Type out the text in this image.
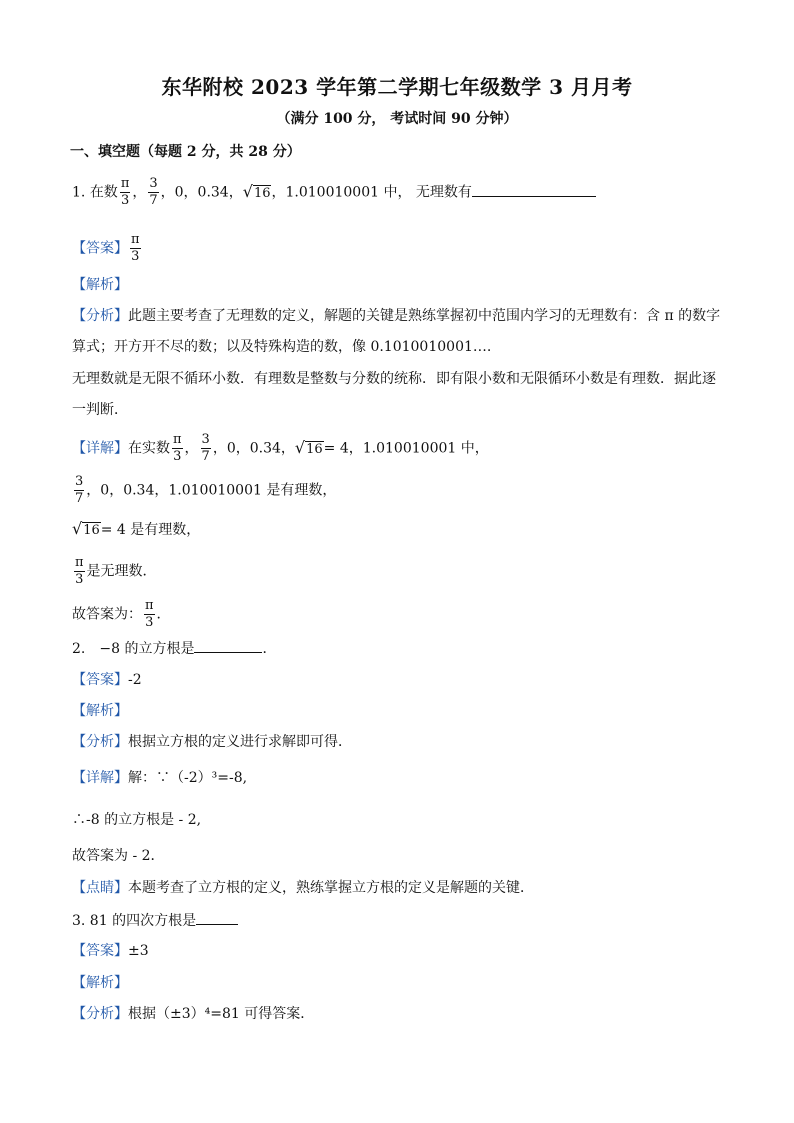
东华附校 2023 学年第二学期七年级数学 3 月月考
（满分 100 分， 考试时间 90 分钟）
一、填空题（每题 2 分，共 28 分）
1. 在数 $\frac{\pi}{3}$ ， $\frac{3}{7}$ ，0，0.34，√16，1.010010001 中， 无理数有
【答案】 $\frac{\pi}{3}$
【解析】
【分析】此题主要考查了无理数的定义，解题的关键是熟练掌握初中范围内学习的无理数有：含 π 的数字
算式；开方开不尽的数；以及特殊构造的数，像 0.1010010001….
无理数就是无限不循环小数．有理数是整数与分数的统称．即有限小数和无限循环小数是有理数．据此逐
一判断．
【详解】在实数 $\frac{\pi}{3}$ ， $\frac{3}{7}$ ，0，0.34，√16= 4，1.010010001 中，
$\frac{3}{7}$ ，0，0.34，1.010010001 是有理数，
√16= 4 是有理数，
$\frac{\pi}{3}$ 是无理数．
故答案为： $\frac{\pi}{3}$ ．
2.　−8 的立方根是	．
【答案】-2
【解析】
【分析】根据立方根的定义进行求解即可得．
【详解】解：∵（-2）³=-8,
∴-8 的立方根是 - 2,
故答案为 - 2．
【点睛】本题考查了立方根的定义，熟练掌握立方根的定义是解题的关键．
3. 81 的四次方根是
【答案】±3
【解析】
【分析】根据（±3）⁴=81 可得答案．
